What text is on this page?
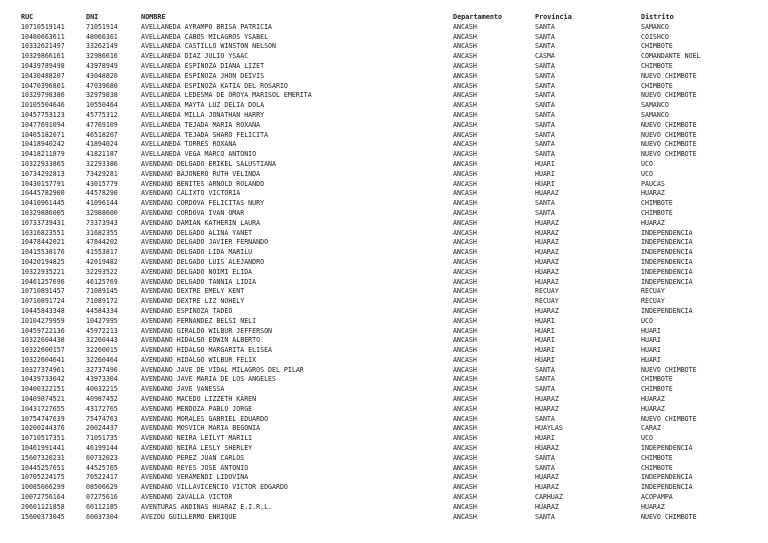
RUC	DNI	NOMBRE	Departamento	Provincia	Distrito
10710519141	71051914	AVELLANEDA AYRAMPO BRISA PATRICIA	ANCASH	SANTA	SAMANCO
10480663611	48066361	AVELLANEDA CABOS MILAGROS YSABEL	ANCASH	SANTA	COISHCO
10332621497	33262149	AVELLANEDA CASTILLO WINSTON NELSON	ANCASH	SANTA	CHIMBOTE
10329866161	32986616	AVELLANEDA DIAZ JULIO YSAAC	ANCASH	CASMA	COMANDANTE NOEL
10439789498	43978949	AVELLANEDA ESPINOZA DIANA LIZET	ANCASH	SANTA	CHIMBOTE
10430488207	43048820	AVELLANEDA ESPINOZA JHON DEIVIS	ANCASH	SANTA	NUEVO CHIMBOTE
10470396801	47039680	AVELLANEDA ESPINOZA KATIA DEL ROSARIO	ANCASH	SANTA	CHIMBOTE
10329798386	32979838	AVELLANEDA LEDESMA DE OROYA MARISOL EMERITA	ANCASH	SANTA	NUEVO CHIMBOTE
10105504646	10550464	AVELLANEDA MAYTA LUZ DELIA DOLA	ANCASH	SANTA	SAMANCO
10457753123	45775312	AVELLANEDA MILLA JONATHAN HARRY	ANCASH	SANTA	SAMANCO
10477691094	47769109	AVELLANEDA TEJADA MARIA ROXANA	ANCASH	SANTA	NUEVO CHIMBOTE
10465182071	46518207	AVELLANEDA TEJADA SHARO FELICITA	ANCASH	SANTA	NUEVO CHIMBOTE
10418940242	41894024	AVELLANEDA TORRES ROXANA	ANCASH	SANTA	NUEVO CHIMBOTE
10418211879	41821187	AVELLANEDA VEGA MARCO ANTONIO	ANCASH	SANTA	NUEVO CHIMBOTE
10322933865	32293386	AVENDAÑO DELGADO ERIKEL SALUSTIANA	ANCASH	HUARI	UCO
10734292813	73429281	AVENDAÑO BAJONERO RUTH VELINDA	ANCASH	HUARI	UCO
10430157791	43015779	AVENDAÑO BENITES ARNOLD ROLANDO	ANCASH	HUARI	PAUCAS
10445782900	44578290	AVENDAÑO CALIXTO VICTORIA	ANCASH	HUARAZ	HUARAZ
10410961445	41096144	AVENDAÑO CORDOVA FELICITAS NURY	ANCASH	SANTA	CHIMBOTE
10329886005	32988600	AVENDAÑO CORDOVA IVAN OMAR	ANCASH	SANTA	CHIMBOTE
10733739431	73373943	AVENDAÑO DAMIAN KATHERIN LAURA	ANCASH	HUARAZ	HUARAZ
10316823551	31682355	AVENDAÑO DELGADO ALINA YANET	ANCASH	HUARAZ	INDEPENDENCIA
10478442021	47844202	AVENDAÑO DELGADO JAVIER FERNANDO	ANCASH	HUARAZ	INDEPENDENCIA
10415538176	41553817	AVENDAÑO DELGADO LIDA MARILU	ANCASH	HUARAZ	INDEPENDENCIA
10420194825	42019482	AVENDAÑO DELGADO LUIS ALEJANDRO	ANCASH	HUARAZ	INDEPENDENCIA
10322935221	32293522	AVENDAÑO DELGADO NOIMI ELIDA	ANCASH	HUARAZ	INDEPENDENCIA
10461257696	46125769	AVENDAÑO DELGADO TANNIA LIDIA	ANCASH	HUARAZ	INDEPENDENCIA
10710891457	71089145	AVENDAÑO DEXTRE EMELY KENT	ANCASH	RECUAY	RECUAY
10710891724	71089172	AVENDAÑO DEXTRE LIZ NOHELY	ANCASH	RECUAY	RECUAY
10445843348	44584334	AVENDAÑO ESPINOZA TADEO	ANCASH	HUARAZ	INDEPENDENCIA
10104279959	10427995	AVENDAÑO FERNANDEZ BELSI NELI	ANCASH	HUARI	UCO
10459722136	45972213	AVENDAÑO GIRALDO WILBUR JEFFERSON	ANCASH	HUARI	HUARI
10322604438	32260443	AVENDAÑO HIDALGO EDWIN ALBERTO	ANCASH	HUARI	HUARI
10322600157	32260015	AVENDAÑO HIDALGO MARGARITA ELISEA	ANCASH	HUARI	HUARI
10322604641	32260464	AVENDAÑO HIDALGO WILBUR FELIX	ANCASH	HUARI	HUARI
10327374961	32737496	AVENDAÑO JAVE DE VIDAL MILAGROS DEL PILAR	ANCASH	SANTA	NUEVO CHIMBOTE
10439733042	43973304	AVENDAÑO JAVE MARIA DE LOS ANGELES	ANCASH	SANTA	CHIMBOTE
10400322151	40032215	AVENDAÑO JAVE VANESSA	ANCASH	SANTA	CHIMBOTE
10409874521	40987452	AVENDAÑO MACEDO LIZZETH KAREN	ANCASH	HUARAZ	HUARAZ
10431727655	43172765	AVENDAÑO MENDOZA PABLO JORGE	ANCASH	HUARAZ	HUARAZ
10754747639	75474763	AVENDAÑO MORALES GABRIEL EDUARDO	ANCASH	SANTA	NUEVO CHIMBOTE
10200244376	20024437	AVENDAÑO MOSVICH MARIA BEGONIA	ANCASH	HUAYLAS	CARAZ
10710517351	71051735	AVENDAÑO NEIRA LEILYT MARILI	ANCASH	HUARI	UCO
10461991441	46199144	AVENDAÑO NEIRA LESLY SHERLEY	ANCASH	HUARAZ	INDEPENDENCIA
15607320231	60732023	AVENDAÑO PEREZ JUAN CARLOS	ANCASH	SANTA	CHIMBOTE
10445257651	44525765	AVENDAÑO REYES JOSE ANTONIO	ANCASH	SANTA	CHIMBOTE
10705224175	70522417	AVENDAÑO VERAMENDI LIDOVINA	ANCASH	HUARAZ	INDEPENDENCIA
10085066299	08506629	AVENDAÑO VILLAVICENCIO VICTOR EDGARDO	ANCASH	HUARAZ	INDEPENDENCIA
10072756164	07275616	AVENDAÑO ZAVALLA VICTOR	ANCASH	CARHUAZ	ACOPAMPA
20601121858	60112185	AVENTURAS ANDINAS HUARAZ E.I.R.L.	ANCASH	HUARAZ	HUARAZ
15600373045	60037304	AVEZOU GUILLERMO ENRIQUE	ANCASH	SANTA	NUEVO CHIMBOTE
